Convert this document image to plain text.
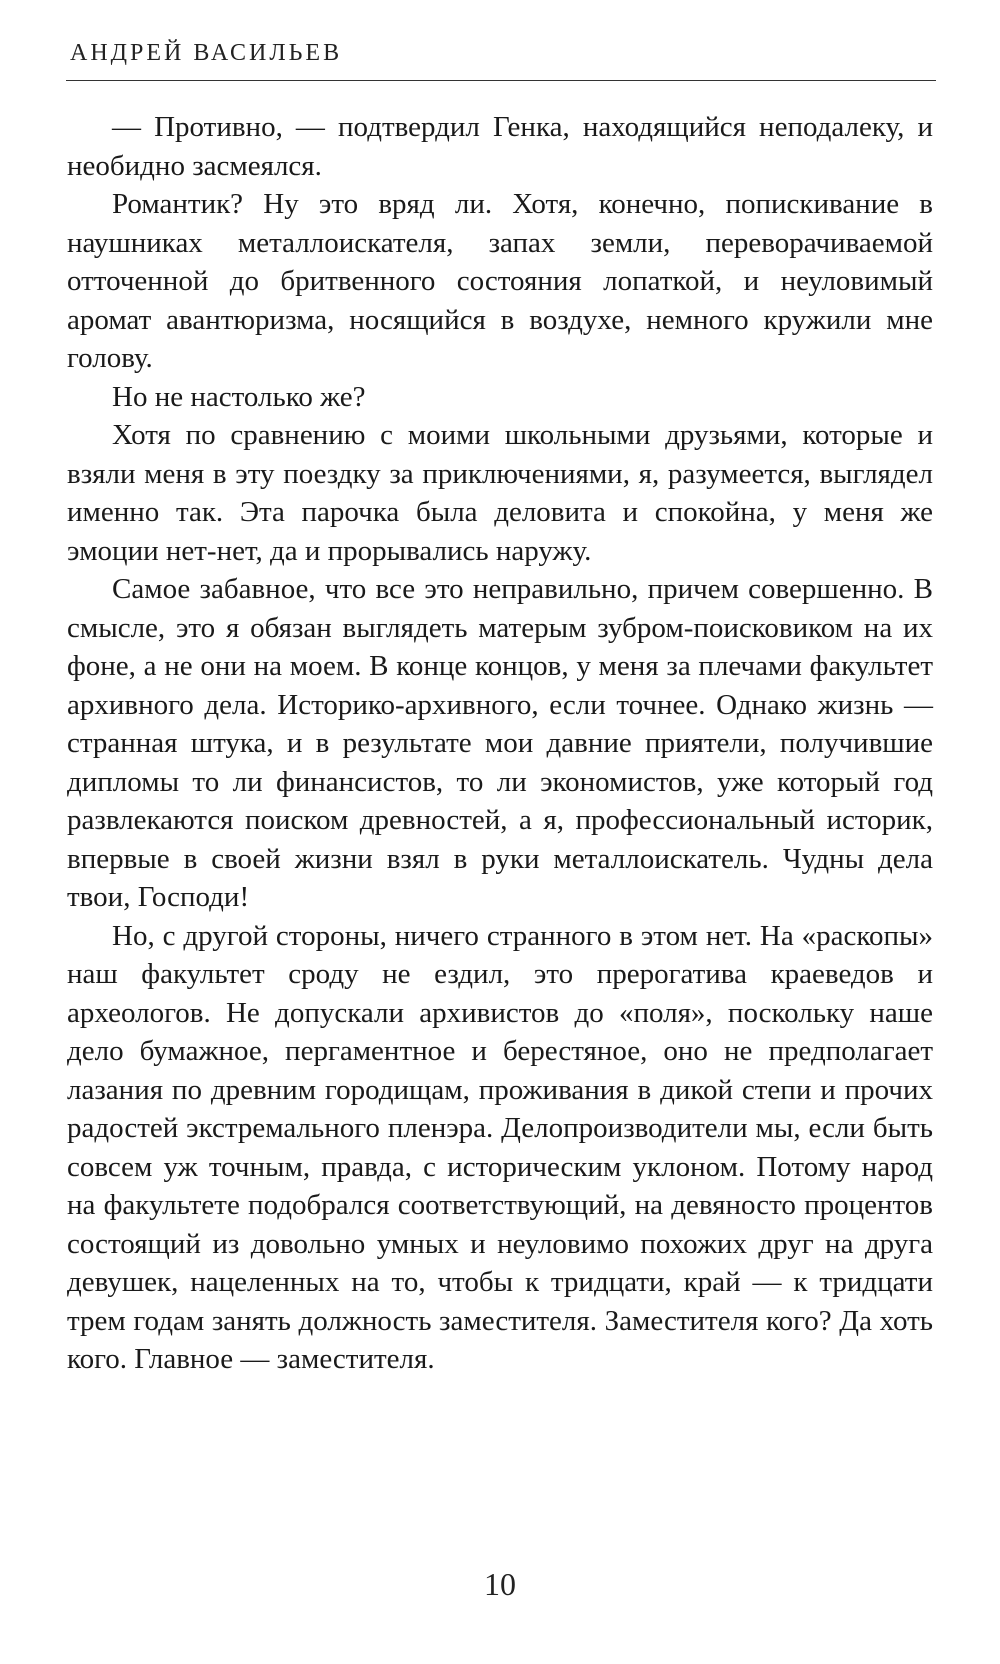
АНДРЕЙ ВАСИЛЬЕВ

— Противно, — подтвердил Генка, находящийся неподалеку, и необидно засмеялся.

Романтик? Ну это вряд ли. Хотя, конечно, попискивание в наушниках металлоискателя, запах земли, переворачиваемой отточенной до бритвенного состояния лопаткой, и неуловимый аромат авантюризма, носящийся в воздухе, немного кружили мне голову.

Но не настолько же?

Хотя по сравнению с моими школьными друзьями, которые и взяли меня в эту поездку за приключениями, я, разумеется, выглядел именно так. Эта парочка была деловита и спокойна, у меня же эмоции нет-нет, да и прорывались наружу.

Самое забавное, что все это неправильно, причем совершенно. В смысле, это я обязан выглядеть матерым зубром-поисковиком на их фоне, а не они на моем. В конце концов, у меня за плечами факультет архивного дела. Историко-архивного, если точнее. Однако жизнь — странная штука, и в результате мои давние приятели, получившие дипломы то ли финансистов, то ли экономистов, уже который год развлекаются поиском древностей, а я, профессиональный историк, впервые в своей жизни взял в руки металлоискатель. Чудны дела твои, Господи!

Но, с другой стороны, ничего странного в этом нет. На «раскопы» наш факультет сроду не ездил, это прерогатива краеведов и археологов. Не допускали архивистов до «поля», поскольку наше дело бумажное, пергаментное и берестяное, оно не предполагает лазания по древним городищам, проживания в дикой степи и прочих радостей экстремального пленэра. Делопроизводители мы, если быть совсем уж точным, правда, с историческим уклоном. Потому народ на факультете подобрался соответствующий, на девяносто процентов состоящий из довольно умных и неуловимо похожих друг на друга девушек, нацеленных на то, чтобы к тридцати, край — к тридцати трем годам занять должность заместителя. Заместителя кого? Да хоть кого. Главное — заместителя.

10
